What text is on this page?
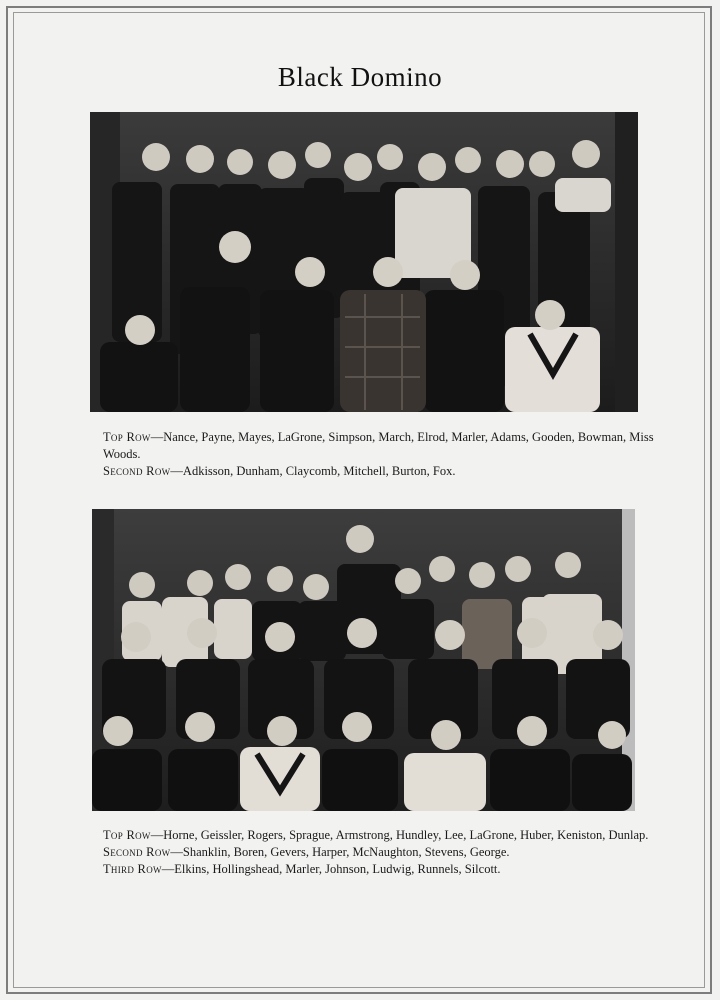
Black Domino

Top Row—Nance, Payne, Mayes, LaGrone, Simpson, March, Elrod, Marler, Adams, Gooden, Bowman, Miss Woods.

Second Row—Adkisson, Dunham, Claycomb, Mitchell, Burton, Fox.

Top Row—Horne, Geissler, Rogers, Sprague, Armstrong, Hundley, Lee, LaGrone, Huber, Keniston, Dunlap.

Second Row—Shanklin, Boren, Gevers, Harper, McNaughton, Stevens, George.

Third Row—Elkins, Hollingshead, Marler, Johnson, Ludwig, Runnels, Silcott.
